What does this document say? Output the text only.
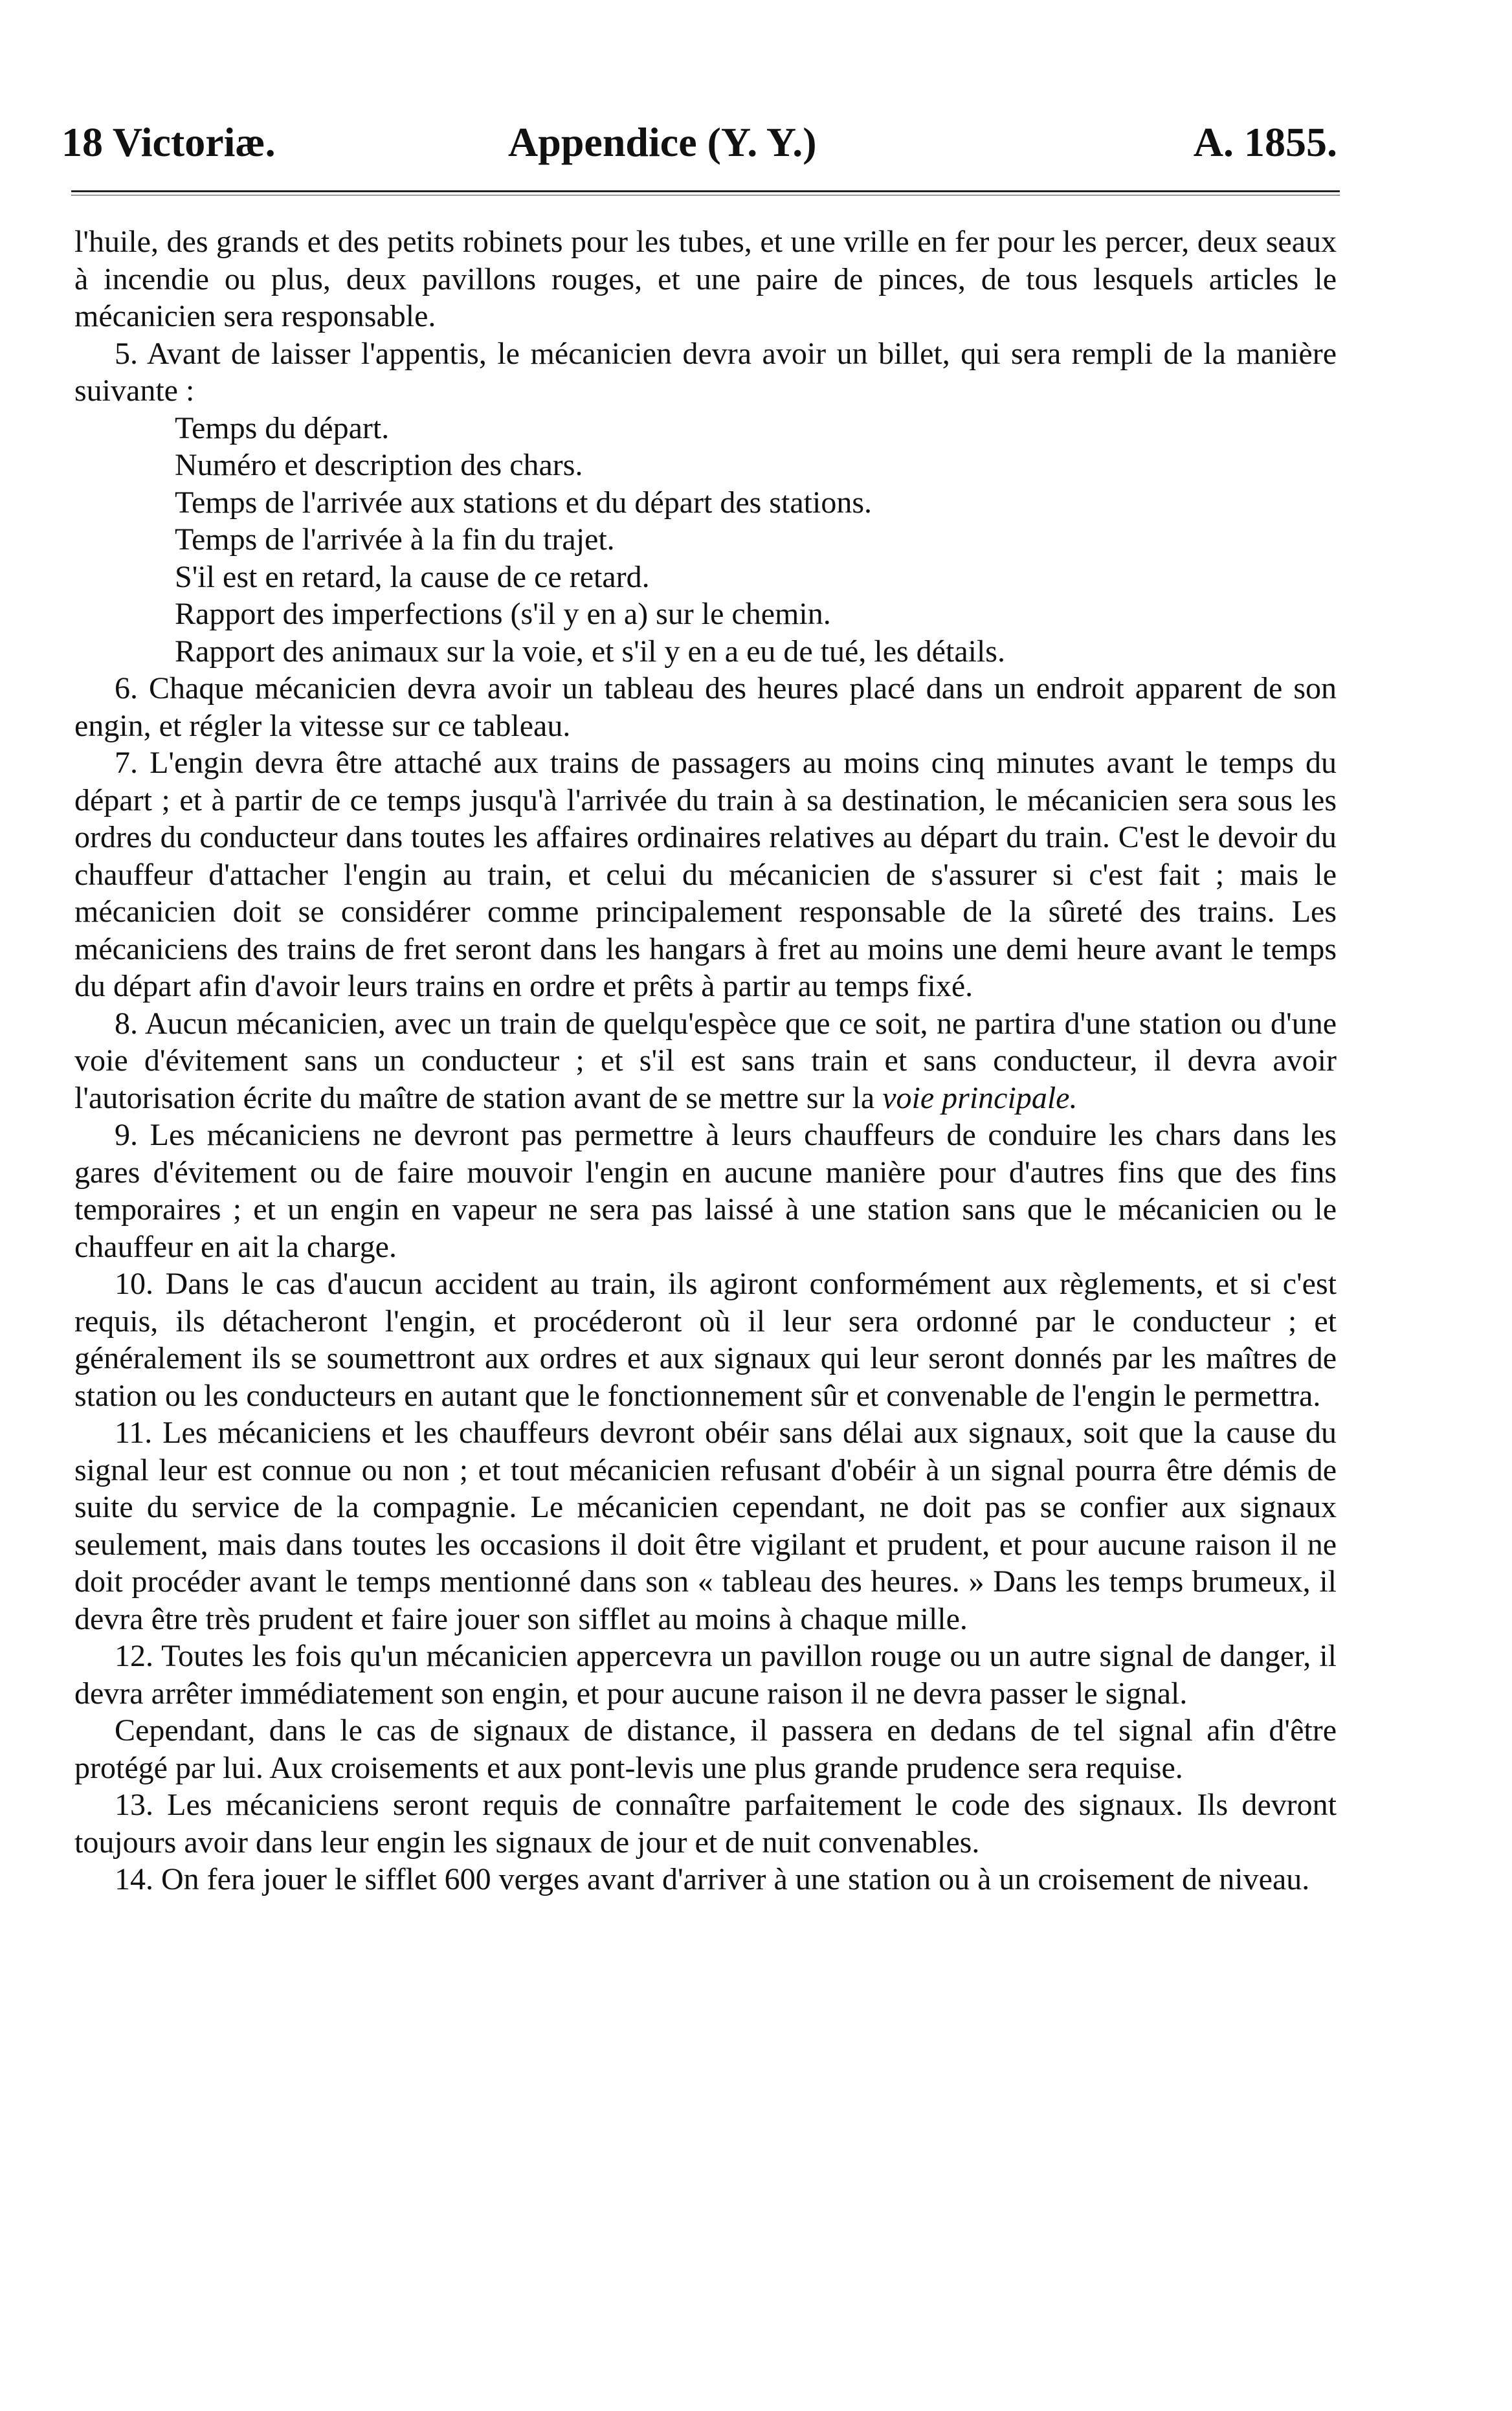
18 Victoriæ.	Appendice (Y. Y.)	A. 1855.

l'huile, des grands et des petits robinets pour les tubes, et une vrille en fer pour les percer, deux seaux à incendie ou plus, deux pavillons rouges, et une paire de pinces, de tous lesquels articles le mécanicien sera responsable.

5. Avant de laisser l'appentis, le mécanicien devra avoir un billet, qui sera rempli de la manière suivante :

Temps du départ.

Numéro et description des chars.

Temps de l'arrivée aux stations et du départ des stations.

Temps de l'arrivée à la fin du trajet.

S'il est en retard, la cause de ce retard.

Rapport des imperfections (s'il y en a) sur le chemin.

Rapport des animaux sur la voie, et s'il y en a eu de tué, les détails.

6. Chaque mécanicien devra avoir un tableau des heures placé dans un endroit apparent de son engin, et régler la vitesse sur ce tableau.

7. L'engin devra être attaché aux trains de passagers au moins cinq minutes avant le temps du départ ; et à partir de ce temps jusqu'à l'arrivée du train à sa destination, le mécanicien sera sous les ordres du conducteur dans toutes les affaires ordinaires relatives au départ du train. C'est le devoir du chauffeur d'attacher l'engin au train, et celui du mécanicien de s'assurer si c'est fait ; mais le mécanicien doit se considérer comme principalement responsable de la sûreté des trains. Les mécaniciens des trains de fret seront dans les hangars à fret au moins une demi heure avant le temps du départ afin d'avoir leurs trains en ordre et prêts à partir au temps fixé.

8. Aucun mécanicien, avec un train de quelqu'espèce que ce soit, ne partira d'une station ou d'une voie d'évitement sans un conducteur ; et s'il est sans train et sans conducteur, il devra avoir l'autorisation écrite du maître de station avant de se mettre sur la voie principale.

9. Les mécaniciens ne devront pas permettre à leurs chauffeurs de conduire les chars dans les gares d'évitement ou de faire mouvoir l'engin en aucune manière pour d'autres fins que des fins temporaires ; et un engin en vapeur ne sera pas laissé à une station sans que le mécanicien ou le chauffeur en ait la charge.

10. Dans le cas d'aucun accident au train, ils agiront conformément aux règlements, et si c'est requis, ils détacheront l'engin, et procéderont où il leur sera ordonné par le conducteur ; et généralement ils se soumettront aux ordres et aux signaux qui leur seront donnés par les maîtres de station ou les conducteurs en autant que le fonctionnement sûr et convenable de l'engin le permettra.

11. Les mécaniciens et les chauffeurs devront obéir sans délai aux signaux, soit que la cause du signal leur est connue ou non ; et tout mécanicien refusant d'obéir à un signal pourra être démis de suite du service de la compagnie. Le mécanicien cependant, ne doit pas se confier aux signaux seulement, mais dans toutes les occasions il doit être vigilant et prudent, et pour aucune raison il ne doit procéder avant le temps mentionné dans son « tableau des heures. » Dans les temps brumeux, il devra être très prudent et faire jouer son sifflet au moins à chaque mille.

12. Toutes les fois qu'un mécanicien appercevra un pavillon rouge ou un autre signal de danger, il devra arrêter immédiatement son engin, et pour aucune raison il ne devra passer le signal.

Cependant, dans le cas de signaux de distance, il passera en dedans de tel signal afin d'être protégé par lui. Aux croisements et aux pont-levis une plus grande prudence sera requise.

13. Les mécaniciens seront requis de connaître parfaitement le code des signaux. Ils devront toujours avoir dans leur engin les signaux de jour et de nuit convenables.

14. On fera jouer le sifflet 600 verges avant d'arriver à une station ou à un croisement de niveau.
